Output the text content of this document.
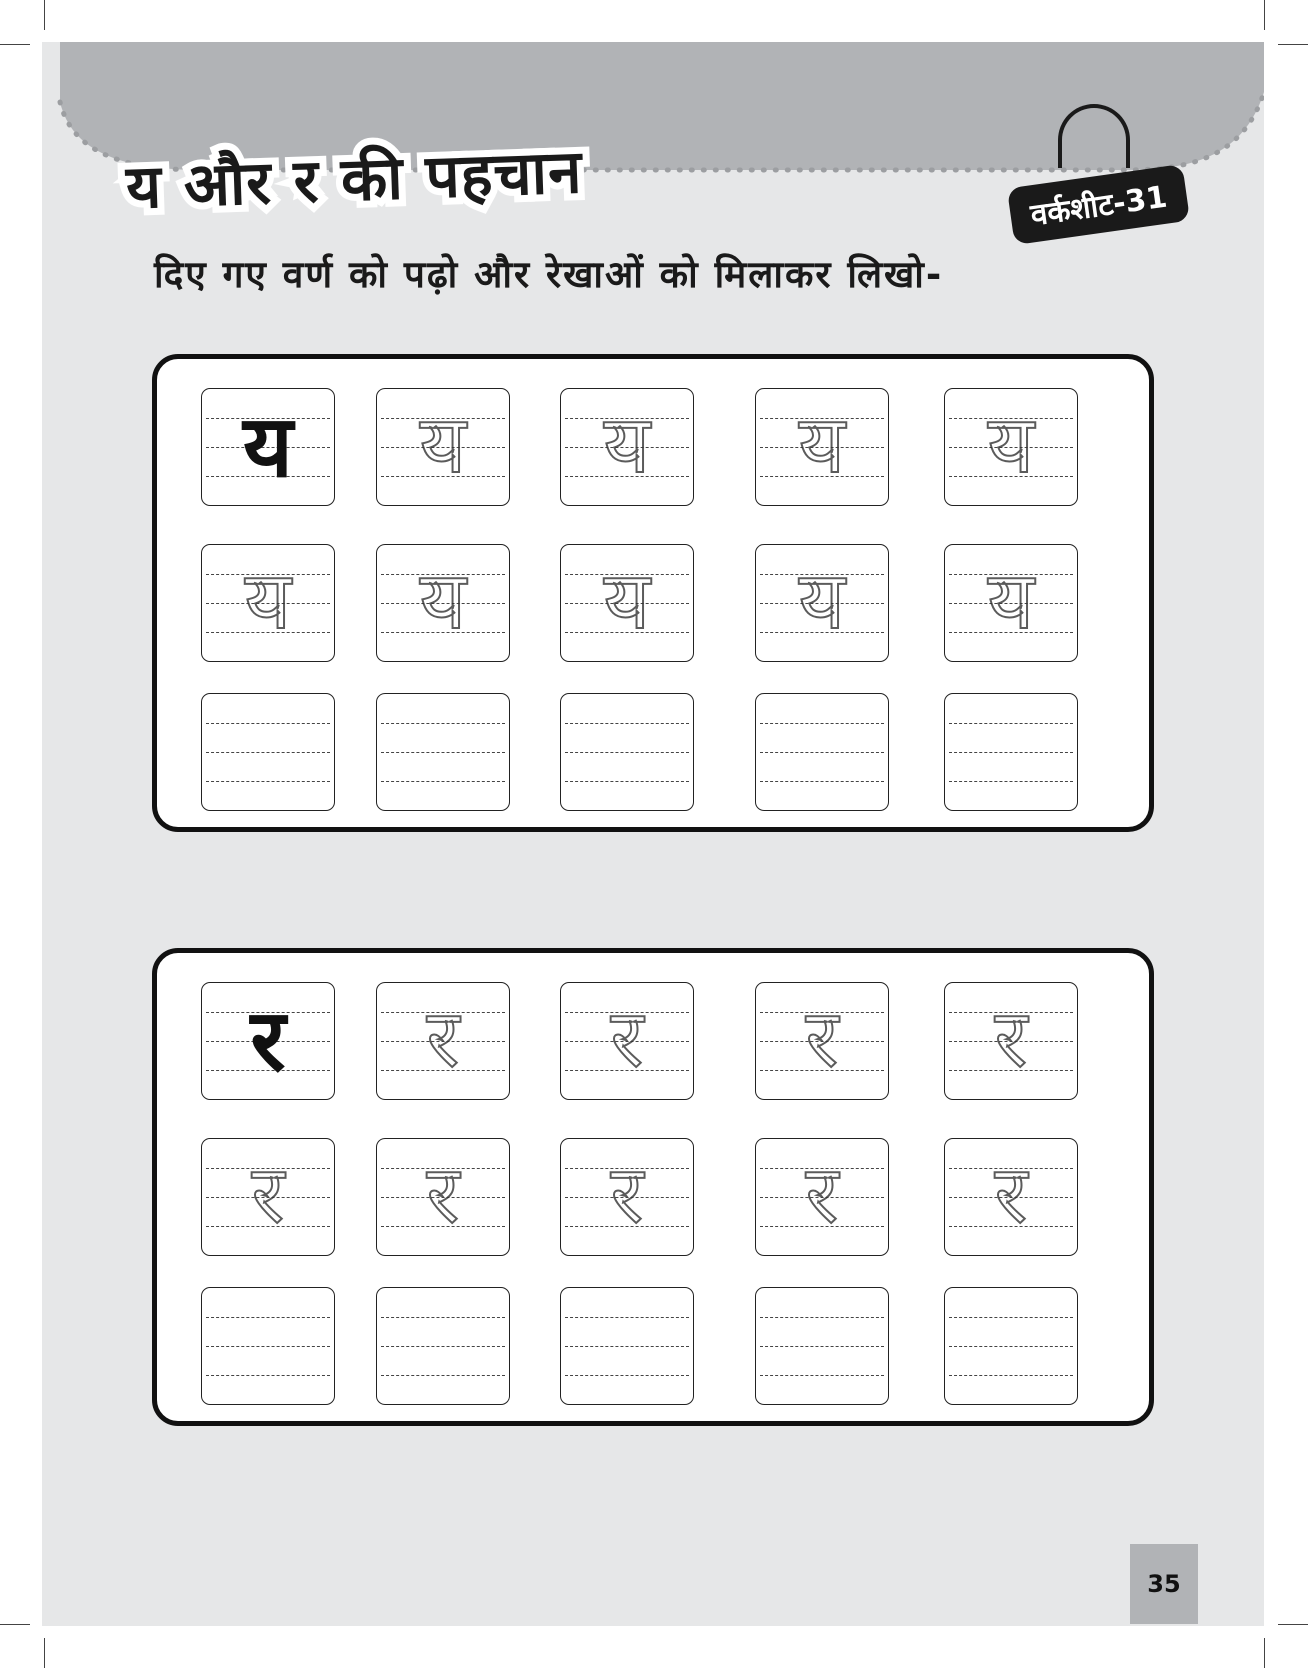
य और र की पहचान	वर्कशीट-31
दिए गए वर्ण को पढ़ो और रेखाओं को मिलाकर लिखो-
य	य	य	य	य
य	य	य	य	य
र	र	र	र	र
र	र	र	र	र
35
